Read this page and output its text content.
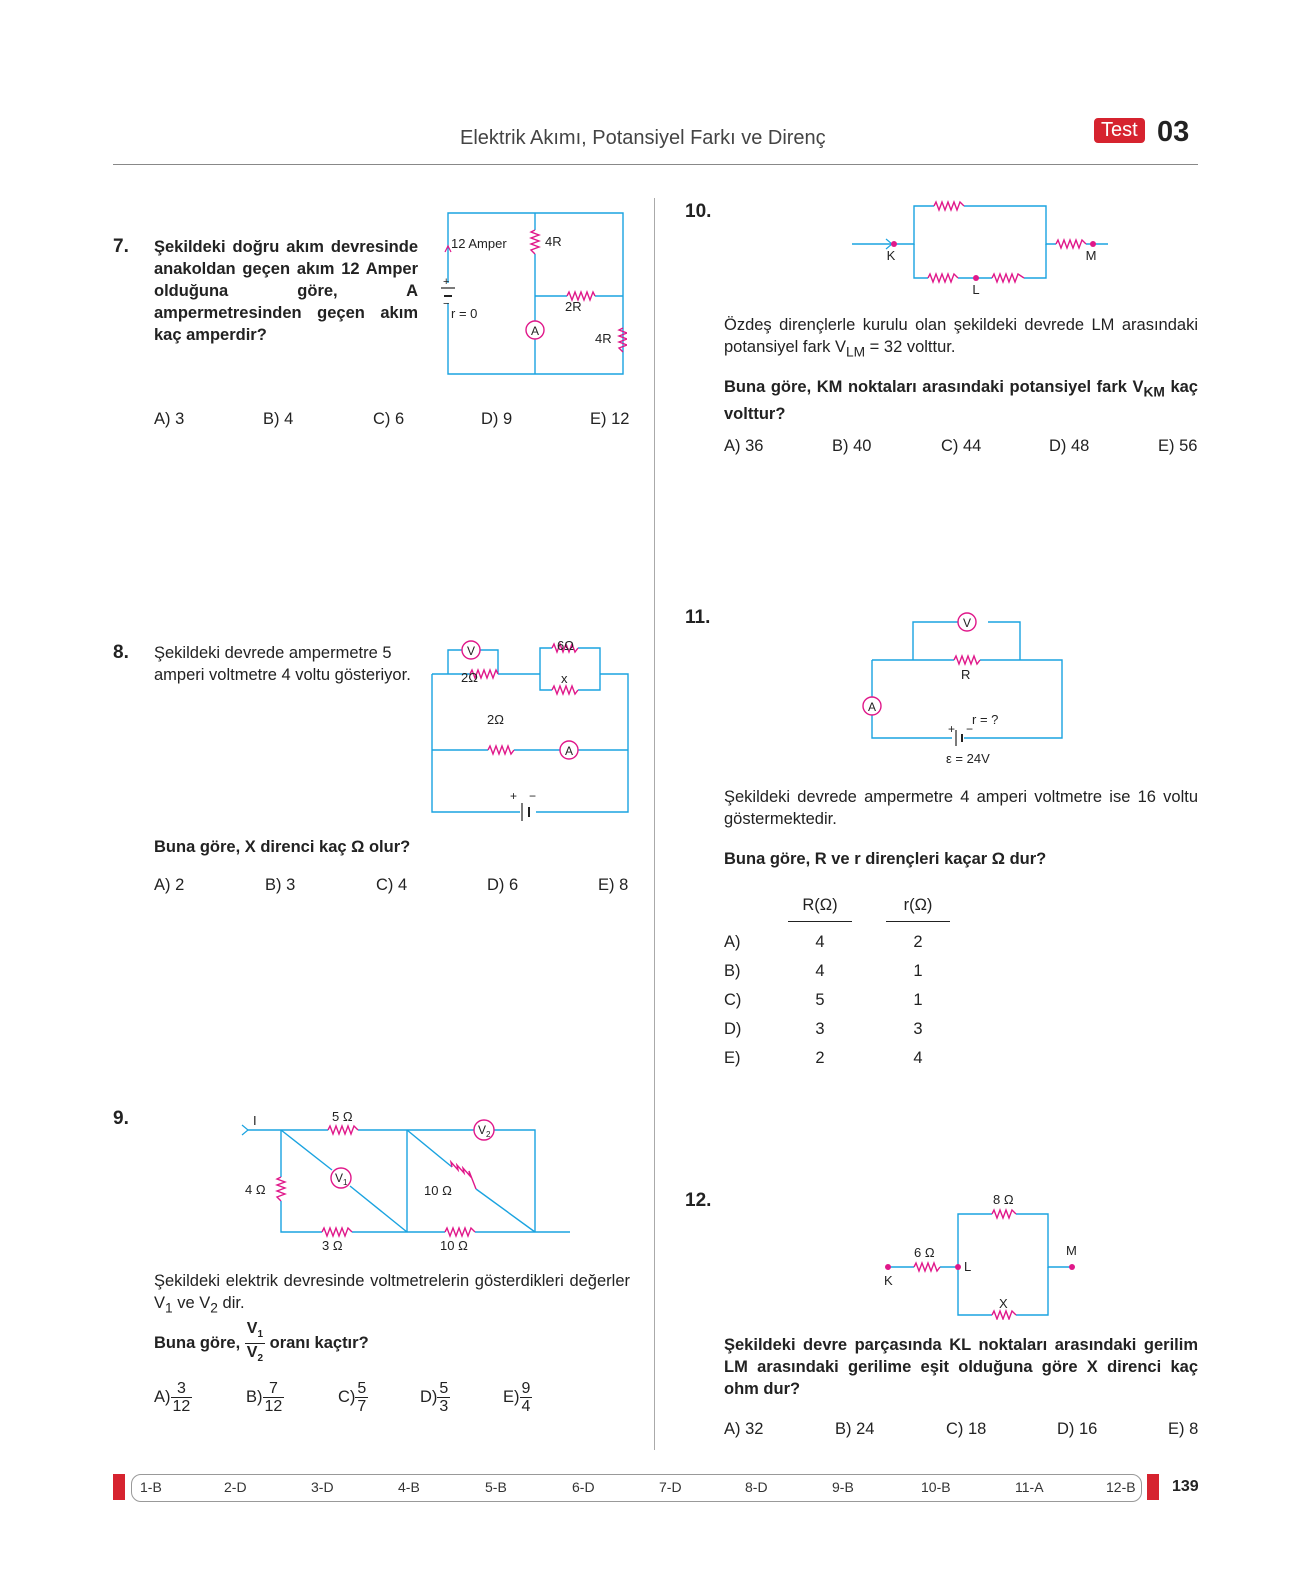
Elektrik Akımı, Potansiyel Farkı ve Direnç	Test 03
7. Şekildeki doğru akım devresinde anakoldan geçen akım 12 Amper olduğuna göre, A ampermetresinden geçen akım kaç amperdir?
+
−
A
12 Amper	4R
2R
4R
r = 0
A) 3	B) 4	C) 6	D) 9	E) 12
8. Şekildeki devrede ampermetre 5 amperi voltmetre 4 voltu gösteriyor.
V
A
2Ω
6Ω
x
2Ω
+ −
Buna göre, X direnci kaç Ω olur?
A) 2	B) 3	C) 4	D) 6	E) 8
9.	I	5 Ω
4 Ω
3 Ω	10 Ω
10 Ω
V 1
V 2
Şekildeki elektrik devresinde voltmetrelerin gösterdikleri değerler $V_1$ ve $V_2$ dir.
Buna göre, $\frac{V_1}{V_2}$ oranı kaçtır?
$A) \frac{3}{12}$	$B) \frac{7}{12}$	$C) \frac{5}{7}$	$D) \frac{5}{3}$	$E) \frac{9}{4}$
10.
K
L
M
Özdeş dirençlerle kurulu olan şekildeki devrede LM arasındaki potansiyel fark $V_{LM} = 32$ volttur.
Buna göre, KM noktaları arasındaki potansiyel fark $V_{KM}$ kaç volttur?
A) 36	B) 40	C) 44	D) 48	E) 56
11.	V
A
R
r = ?
+ −
ε = 24V
Şekildeki devrede ampermetre 4 amperi voltmetre ise 16 voltu göstermektedir.
Buna göre, R ve r dirençleri kaçar Ω dur?
	R(Ω)		r(Ω)

A)	4		2
B)	4		1
C)	5		1
D)	3		3
E)	2		4
12.	8 Ω
6 Ω
K
L
M
X
Şekildeki devre parçasında KL noktaları arasındaki gerilim LM arasındaki gerilime eşit olduğuna göre X direnci kaç ohm dur?
A) 32	B) 24	C) 18	D) 16	E) 8
1-B	2-D	3-D	4-B	5-B	6-D	7-D	8-D	9-B	10-B	11-A	12-B 139
